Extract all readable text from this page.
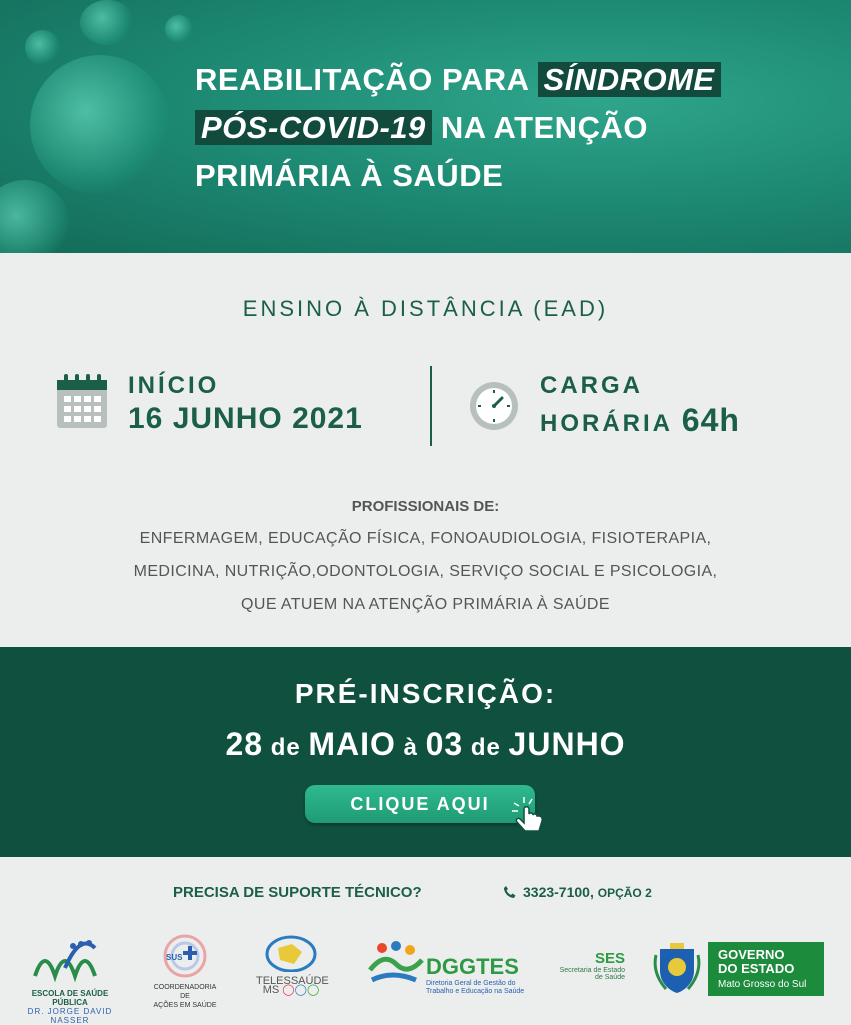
REABILITAÇÃO PARA SÍNDROME
PÓS-COVID-19 NA ATENÇÃO
PRIMÁRIA À SAÚDE
ENSINO À DISTÂNCIA (EAD)
INÍCIO
16 JUNHO 2021
CARGA
HORÁRIA 64h
PROFISSIONAIS DE:
ENFERMAGEM, EDUCAÇÃO FÍSICA, FONOAUDIOLOGIA, FISIOTERAPIA,
MEDICINA, NUTRIÇÃO,ODONTOLOGIA, SERVIÇO SOCIAL E PSICOLOGIA,
QUE ATUEM NA ATENÇÃO PRIMÁRIA À SAÚDE
PRÉ-INSCRIÇÃO:
28 de MAIO à 03 de JUNHO
CLIQUE AQUI
PRECISA DE SUPORTE TÉCNICO?	3323-7100, OPÇÃO 2
ESCOLA DE SAÚDE PÚBLICA
DR. JORGE DAVID NASSER
SUS
COORDENADORIA DE
AÇÕES EM SAÚDE
TELESSAÚDE
MS ◯◯◯
DGGTES
Diretoria Geral de Gestão do
Trabalho e Educação na Saúde
SES
Secretaria de Estado
de Saúde
GOVERNO
DO ESTADO
Mato Grosso do Sul
